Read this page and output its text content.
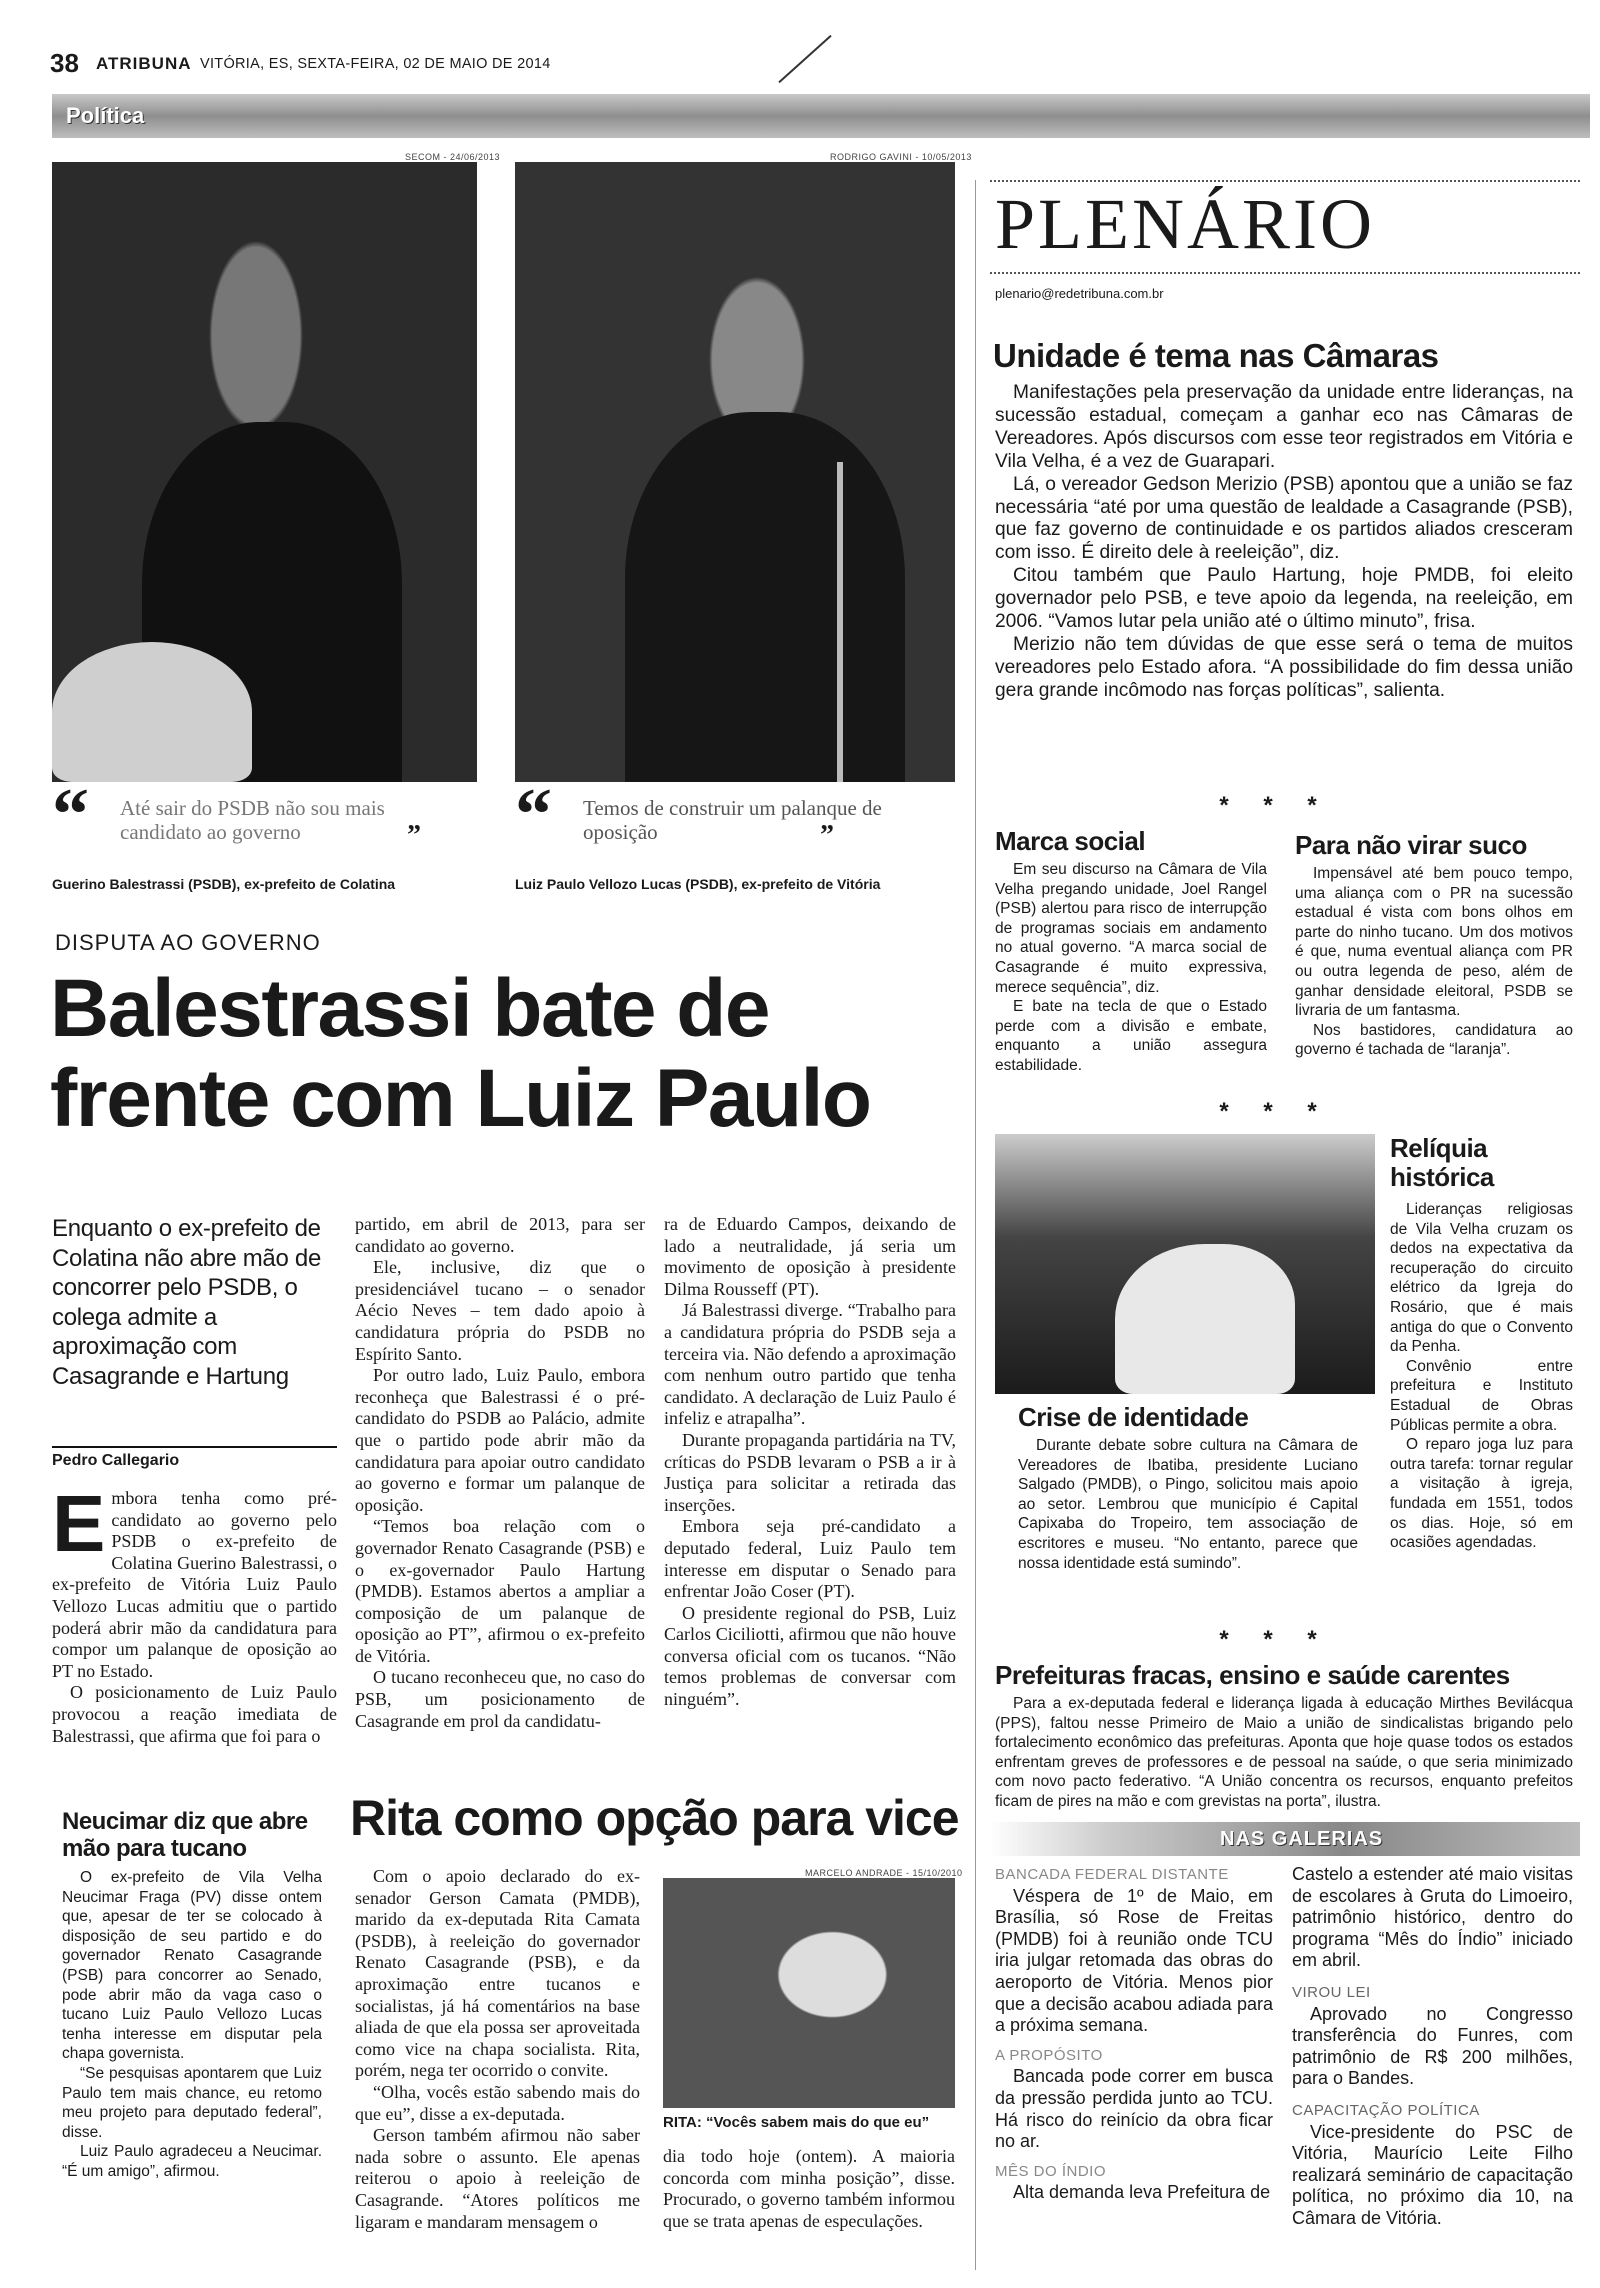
38 ATRIBUNA VITÓRIA, ES, SEXTA-FEIRA, 02 DE MAIO DE 2014
Política
SECOM - 24/06/2013	RODRIGO GAVINI - 10/05/2013
“ Até sair do PSDB não sou mais candidato ao governo	”
Guerino Balestrassi (PSDB), ex-prefeito de Colatina
“ Temos de construir um palanque de oposição	”
Luiz Paulo Vellozo Lucas (PSDB), ex-prefeito de Vitória
DISPUTA AO GOVERNO
Balestrassi bate de
frente com Luiz Paulo
Enquanto o ex-prefeito de Colatina não abre mão de concorrer pelo PSDB, o colega admite a aproximação com Casagrande e Hartung
Pedro Callegario
E mbora tenha como pré-candidato ao governo pelo PSDB o ex-prefeito de Colatina Guerino Balestrassi, o ex-prefeito de Vitória Luiz Paulo Vellozo Lucas admitiu que o partido poderá abrir mão da candidatura para compor um palanque de oposição ao PT no Estado.

O posicionamento de Luiz Paulo provocou a reação imediata de Balestrassi, que afirma que foi para o

partido, em abril de 2013, para ser candidato ao governo.

Ele, inclusive, diz que o presidenciável tucano – o senador Aécio Neves – tem dado apoio à candidatura própria do PSDB no Espírito Santo.

Por outro lado, Luiz Paulo, embora reconheça que Balestrassi é o pré-candidato do PSDB ao Palácio, admite que o partido pode abrir mão da candidatura para apoiar outro candidato ao governo e formar um palanque de oposição.

“Temos boa relação com o governador Renato Casagrande (PSB) e o ex-governador Paulo Hartung (PMDB). Estamos abertos a ampliar a composição de um palanque de oposição ao PT”, afirmou o ex-prefeito de Vitória.

O tucano reconheceu que, no caso do PSB, um posicionamento de Casagrande em prol da candidatu-

ra de Eduardo Campos, deixando de lado a neutralidade, já seria um movimento de oposição à presidente Dilma Rousseff (PT).

Já Balestrassi diverge. “Trabalho para a candidatura própria do PSDB seja a terceira via. Não defendo a aproximação com nenhum outro partido que tenha candidato. A declaração de Luiz Paulo é infeliz e atrapalha”.

Durante propaganda partidária na TV, críticas do PSDB levaram o PSB a ir à Justiça para solicitar a retirada das inserções.

Embora seja pré-candidato a deputado federal, Luiz Paulo tem interesse em disputar o Senado para enfrentar João Coser (PT).

O presidente regional do PSB, Luiz Carlos Ciciliotti, afirmou que não houve conversa oficial com os tucanos. “Não temos problemas de conversar com ninguém”.

Neucimar diz que abre mão para tucano

O ex-prefeito de Vila Velha Neucimar Fraga (PV) disse ontem que, apesar de ter se colocado à disposição de seu partido e do governador Renato Casagrande (PSB) para concorrer ao Senado, pode abrir mão da vaga caso o tucano Luiz Paulo Vellozo Lucas tenha interesse em disputar pela chapa governista.

“Se pesquisas apontarem que Luiz Paulo tem mais chance, eu retomo meu projeto para deputado federal”, disse.

Luiz Paulo agradeceu a Neucimar. “É um amigo”, afirmou.

Rita como opção para vice

Com o apoio declarado do ex-senador Gerson Camata (PMDB), marido da ex-deputada Rita Camata (PSDB), à reeleição do governador Renato Casagrande (PSB), e da aproximação entre tucanos e socialistas, já há comentários na base aliada de que ela possa ser aproveitada como vice na chapa socialista. Rita, porém, nega ter ocorrido o convite.

“Olha, vocês estão sabendo mais do que eu”, disse a ex-deputada.

Gerson também afirmou não saber nada sobre o assunto. Ele apenas reiterou o apoio à reeleição de Casagrande. “Atores políticos me ligaram e mandaram mensagem o

MARCELO ANDRADE - 15/10/2010
RITA: “Vocês sabem mais do que eu”

dia todo hoje (ontem). A maioria concorda com minha posição”, disse. Procurado, o governo também informou que se trata apenas de especulações.

PLENÁRIO
plenario@redetribuna.com.br
Unidade é tema nas Câmaras

Manifestações pela preservação da unidade entre lideranças, na sucessão estadual, começam a ganhar eco nas Câmaras de Vereadores. Após discursos com esse teor registrados em Vitória e Vila Velha, é a vez de Guarapari.

Lá, o vereador Gedson Merizio (PSB) apontou que a união se faz necessária “até por uma questão de lealdade a Casagrande (PSB), que faz governo de continuidade e os partidos aliados cresceram com isso. É direito dele à reeleição”, diz.

Citou também que Paulo Hartung, hoje PMDB, foi eleito governador pelo PSB, e teve apoio da legenda, na reeleição, em 2006. “Vamos lutar pela união até o último minuto”, frisa.

Merizio não tem dúvidas de que esse será o tema de muitos vereadores pelo Estado afora. “A possibilidade do fim dessa união gera grande incômodo nas forças políticas”, salienta.

* * *
Marca social

Em seu discurso na Câmara de Vila Velha pregando unidade, Joel Rangel (PSB) alertou para risco de interrupção de programas sociais em andamento no atual governo. “A marca social de Casagrande é muito expressiva, merece sequência”, diz.

E bate na tecla de que o Estado perde com a divisão e embate, enquanto a união assegura estabilidade.

Para não virar suco

Impensável até bem pouco tempo, uma aliança com o PR na sucessão estadual é vista com bons olhos em parte do ninho tucano. Um dos motivos é que, numa eventual aliança com PR ou outra legenda de peso, além de ganhar densidade eleitoral, PSDB se livraria de um fantasma.

Nos bastidores, candidatura ao governo é tachada de “laranja”.

* * *
Relíquia histórica

Lideranças religiosas de Vila Velha cruzam os dedos na expectativa da recuperação do circuito elétrico da Igreja do Rosário, que é mais antiga do que o Convento da Penha.

Convênio entre prefeitura e Instituto Estadual de Obras Públicas permite a obra.

O reparo joga luz para outra tarefa: tornar regular a visitação à igreja, fundada em 1551, todos os dias. Hoje, só em ocasiões agendadas.

Crise de identidade

Durante debate sobre cultura na Câmara de Vereadores de Ibatiba, presidente Luciano Salgado (PMDB), o Pingo, solicitou mais apoio ao setor. Lembrou que município é Capital Capixaba do Tropeiro, tem associação de escritores e museu. “No entanto, parece que nossa identidade está sumindo”.

* * *
Prefeituras fracas, ensino e saúde carentes

Para a ex-deputada federal e liderança ligada à educação Mirthes Bevilácqua (PPS), faltou nesse Primeiro de Maio a união de sindicalistas brigando pelo fortalecimento econômico das prefeituras. Aponta que hoje quase todos os estados enfrentam greves de professores e de pessoal na saúde, o que seria minimizado com novo pacto federativo. “A União concentra os recursos, enquanto prefeitos ficam de pires na mão e com grevistas na porta”, ilustra.

NAS GALERIAS
BANCADA FEDERAL DISTANTE

Véspera de 1º de Maio, em Brasília, só Rose de Freitas (PMDB) foi à reunião onde TCU iria julgar retomada das obras do aeroporto de Vitória. Menos pior que a decisão acabou adiada para a próxima semana.

A PROPÓSITO

Bancada pode correr em busca da pressão perdida junto ao TCU. Há risco do reinício da obra ficar no ar.

MÊS DO ÍNDIO

Alta demanda leva Prefeitura de

Castelo a estender até maio visitas de escolares à Gruta do Limoeiro, patrimônio histórico, dentro do programa “Mês do Índio” iniciado em abril.

VIROU LEI

Aprovado no Congresso transferência do Funres, com patrimônio de R$ 200 milhões, para o Bandes.

CAPACITAÇÃO POLÍTICA

Vice-presidente do PSC de Vitória, Maurício Leite Filho realizará seminário de capacitação política, no próximo dia 10, na Câmara de Vitória.
